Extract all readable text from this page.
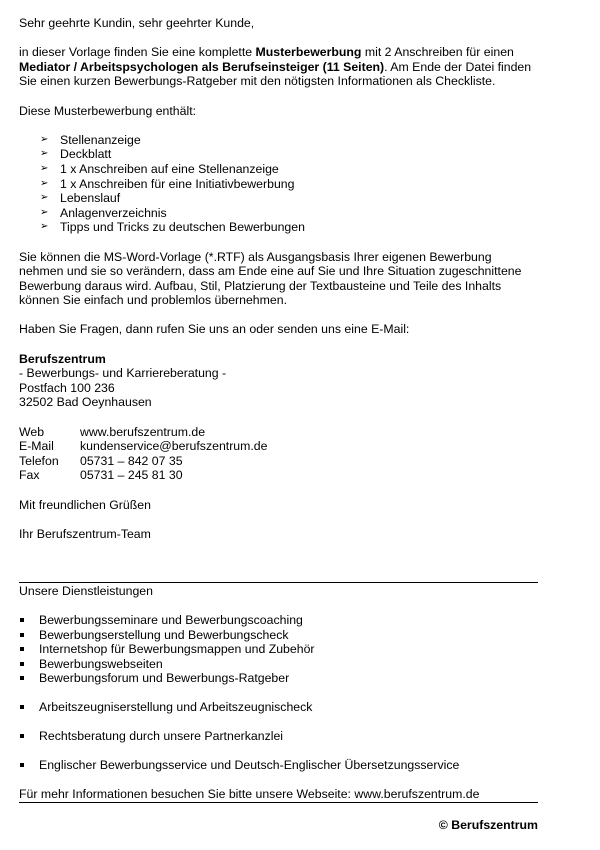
Sehr geehrte Kundin, sehr geehrter Kunde,

in dieser Vorlage finden Sie eine komplette Musterbewerbung mit 2 Anschreiben für einen Mediator / Arbeitspsychologen als Berufseinsteiger (11 Seiten). Am Ende der Datei finden Sie einen kurzen Bewerbungs-Ratgeber mit den nötigsten Informationen als Checkliste.

Diese Musterbewerbung enthält:

➢ Stellenanzeige
➢ Deckblatt
➢ 1 x Anschreiben auf eine Stellenanzeige
➢ 1 x Anschreiben für eine Initiativbewerbung
➢ Lebenslauf
➢ Anlagenverzeichnis
➢ Tipps und Tricks zu deutschen Bewerbungen

Sie können die MS-Word-Vorlage (*.RTF) als Ausgangsbasis Ihrer eigenen Bewerbung nehmen und sie so verändern, dass am Ende eine auf Sie und Ihre Situation zugeschnittene Bewerbung daraus wird. Aufbau, Stil, Platzierung der Textbausteine und Teile des Inhalts können Sie einfach und problemlos übernehmen.

Haben Sie Fragen, dann rufen Sie uns an oder senden uns eine E-Mail:

Berufszentrum

- Bewerbungs- und Karriereberatung -

Postfach 100 236

32502 Bad Oeynhausen

Web	www.berufszentrum.de
E-Mail	kundenservice@berufszentrum.de
Telefon	05731 – 842 07 35
Fax	05731 – 245 81 30

Mit freundlichen Grüßen

Ihr Berufszentrum-Team

Unsere Dienstleistungen

Bewerbungsseminare und Bewerbungscoaching
Bewerbungserstellung und Bewerbungscheck
Internetshop für Bewerbungsmappen und Zubehör
Bewerbungswebseiten
Bewerbungsforum und Bewerbungs-Ratgeber
Arbeitszeugniserstellung und Arbeitszeugnischeck
Rechtsberatung durch unsere Partnerkanzlei
Englischer Bewerbungsservice und Deutsch-Englischer Übersetzungsservice

Für mehr Informationen besuchen Sie bitte unsere Webseite: www.berufszentrum.de

© Berufszentrum
